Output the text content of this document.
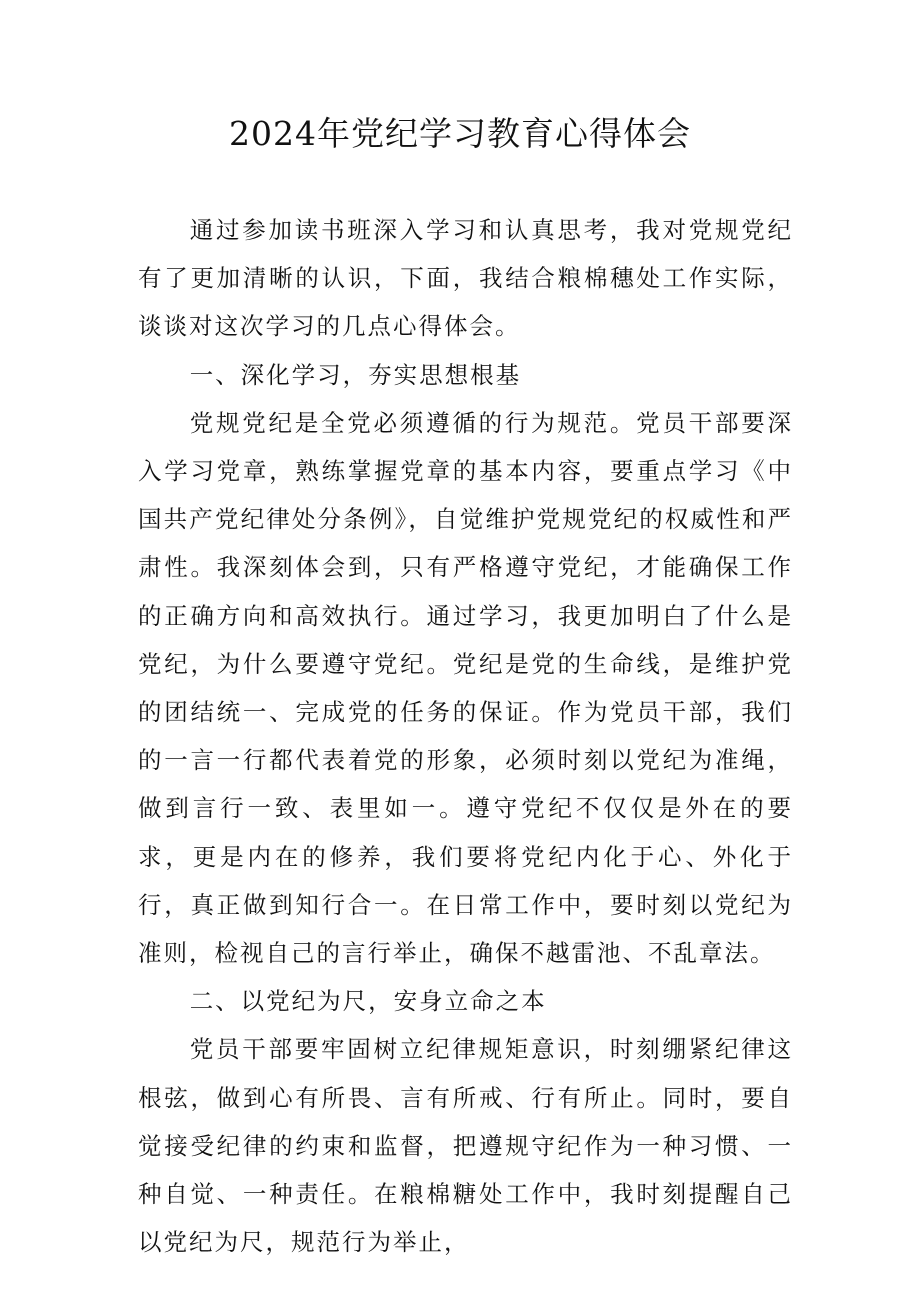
2024年党纪学习教育心得体会

通过参加读书班深入学习和认真思考，我对党规党纪有了更加清晰的认识，下面，我结合粮棉穗处工作实际，谈谈对这次学习的几点心得体会。

一、深化学习，夯实思想根基

党规党纪是全党必须遵循的行为规范。党员干部要深入学习党章，熟练掌握党章的基本内容，要重点学习《中国共产党纪律处分条例》，自觉维护党规党纪的权威性和严肃性。我深刻体会到，只有严格遵守党纪，才能确保工作的正确方向和高效执行。通过学习，我更加明白了什么是党纪，为什么要遵守党纪。党纪是党的生命线，是维护党的团结统一、完成党的任务的保证。作为党员干部，我们的一言一行都代表着党的形象，必须时刻以党纪为准绳，做到言行一致、表里如一。遵守党纪不仅仅是外在的要求，更是内在的修养，我们要将党纪内化于心、外化于行，真正做到知行合一。在日常工作中，要时刻以党纪为准则，检视自己的言行举止，确保不越雷池、不乱章法。

二、以党纪为尺，安身立命之本

党员干部要牢固树立纪律规矩意识，时刻绷紧纪律这根弦，做到心有所畏、言有所戒、行有所止。同时，要自觉接受纪律的约束和监督，把遵规守纪作为一种习惯、一种自觉、一种责任。在粮棉糖处工作中，我时刻提醒自己以党纪为尺，规范行为举止，
